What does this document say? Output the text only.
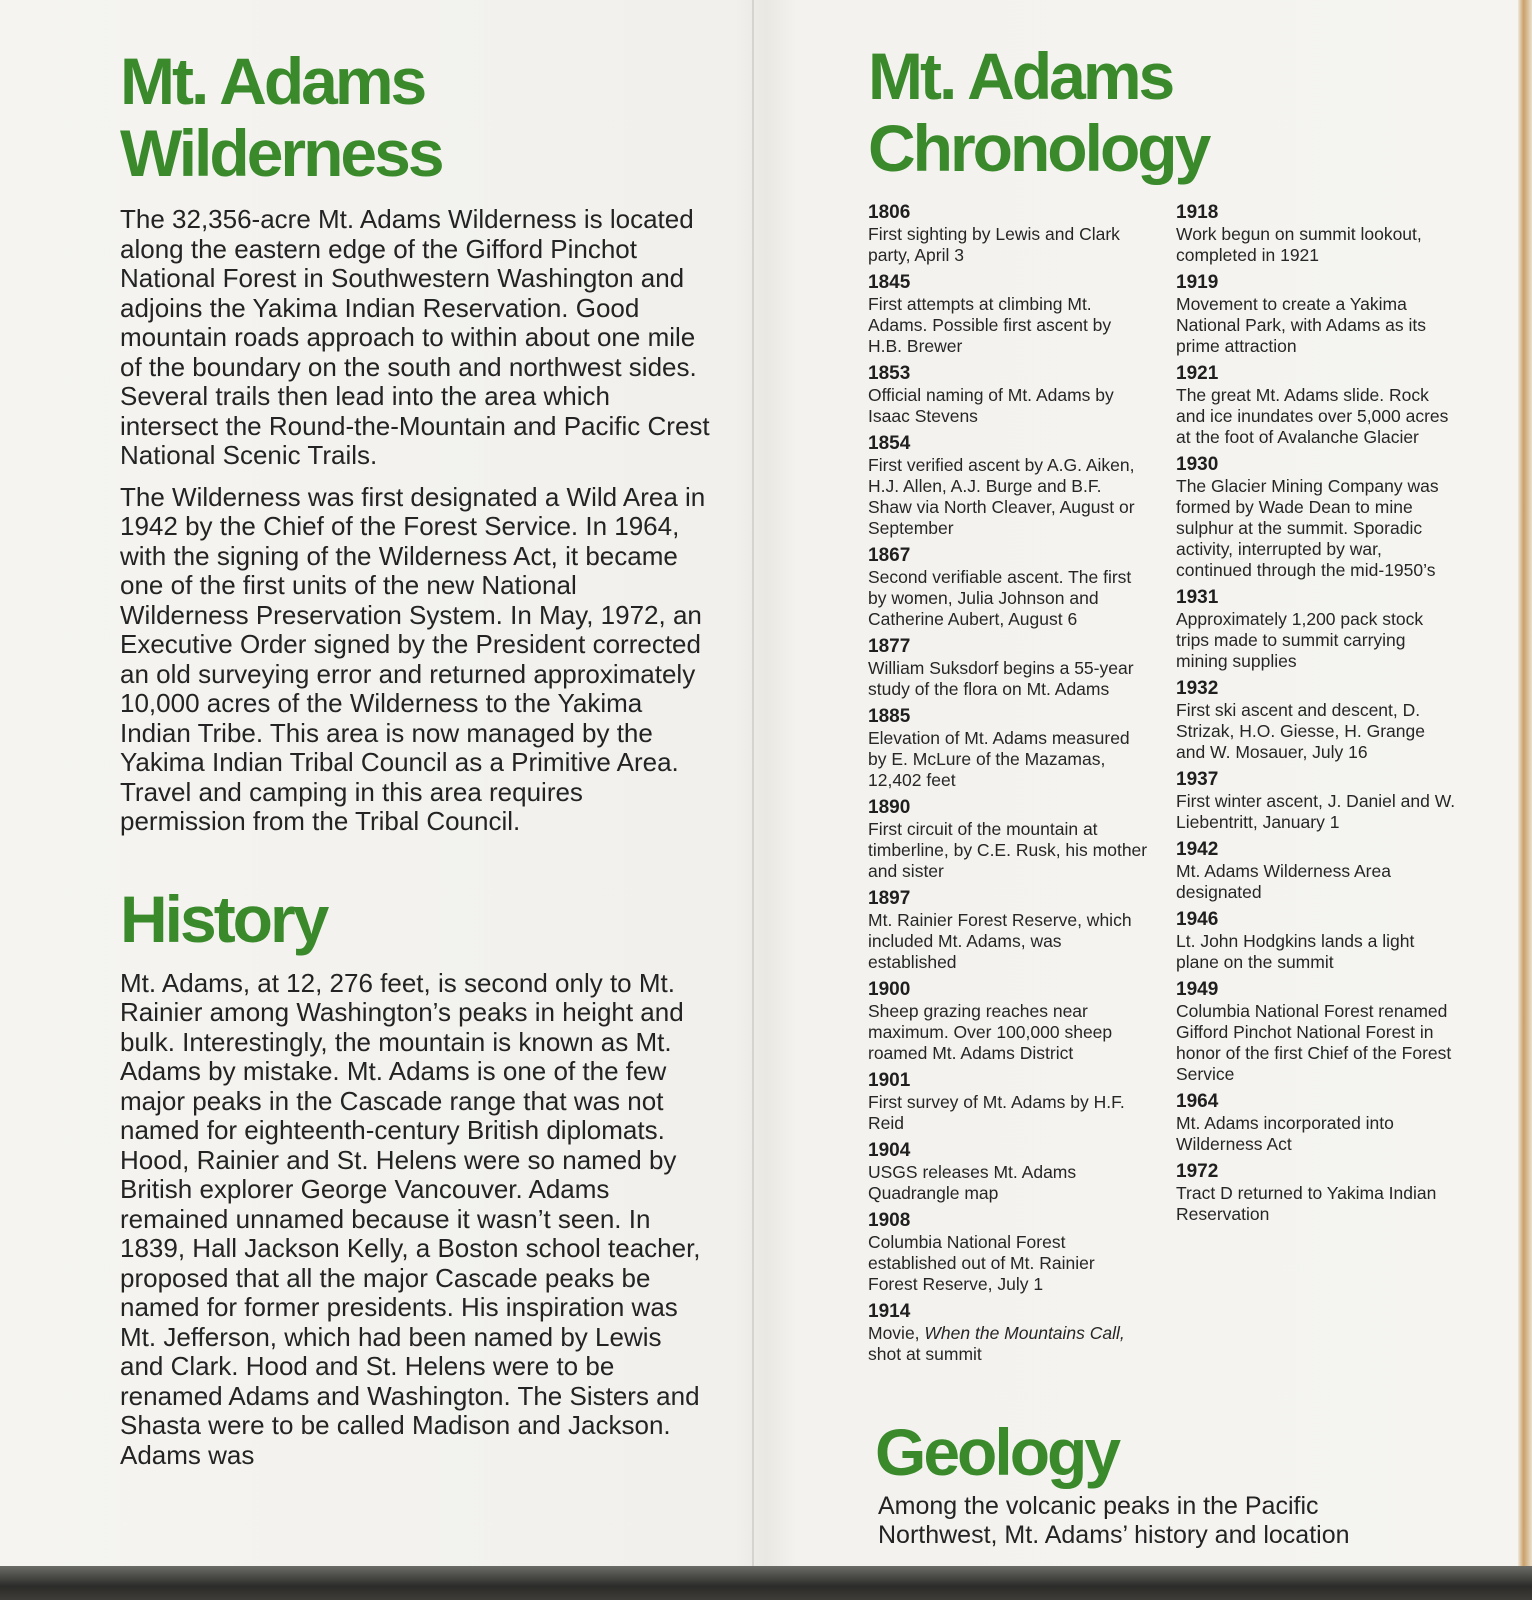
Mt. Adams
Wilderness

The 32,356-acre Mt. Adams Wilderness is located along the eastern edge of the Gifford Pinchot National Forest in Southwestern Washington and adjoins the Yakima Indian Reservation. Good mountain roads approach to within about one mile of the boundary on the south and northwest sides. Several trails then lead into the area which intersect the Round-the-Mountain and Pacific Crest National Scenic Trails.

The Wilderness was first designated a Wild Area in 1942 by the Chief of the Forest Service. In 1964, with the signing of the Wilderness Act, it became one of the first units of the new National Wilderness Preservation System. In May, 1972, an Executive Order signed by the President corrected an old surveying error and returned approximately 10,000 acres of the Wilderness to the Yakima Indian Tribe. This area is now managed by the Yakima Indian Tribal Council as a Primitive Area. Travel and camping in this area requires permission from the Tribal Council.

History

Mt. Adams, at 12, 276 feet, is second only to Mt. Rainier among Washington’s peaks in height and bulk. Interestingly, the mountain is known as Mt. Adams by mistake. Mt. Adams is one of the few major peaks in the Cascade range that was not named for eighteenth-century British diplomats. Hood, Rainier and St. Helens were so named by British explorer George Vancouver. Adams remained unnamed because it wasn’t seen. In 1839, Hall Jackson Kelly, a Boston school teacher, proposed that all the major Cascade peaks be named for former presidents. His inspiration was Mt. Jefferson, which had been named by Lewis and Clark. Hood and St. Helens were to be renamed Adams and Washington. The Sisters and Shasta were to be called Madison and Jackson. Adams was

Mt. Adams
Chronology
1806
First sighting by Lewis and Clark party, April 3
1845
First attempts at climbing Mt. Adams. Possible first ascent by H.B. Brewer
1853
Official naming of Mt. Adams by Isaac Stevens
1854
First verified ascent by A.G. Aiken, H.J. Allen, A.J. Burge and B.F. Shaw via North Cleaver, August or September
1867
Second verifiable ascent. The first by women, Julia Johnson and Catherine Aubert, August 6
1877
William Suksdorf begins a 55-year study of the flora on Mt. Adams
1885
Elevation of Mt. Adams measured by E. McLure of the Mazamas, 12,402 feet
1890
First circuit of the mountain at timberline, by C.E. Rusk, his mother and sister
1897
Mt. Rainier Forest Reserve, which included Mt. Adams, was established
1900
Sheep grazing reaches near maximum. Over 100,000 sheep roamed Mt. Adams District
1901
First survey of Mt. Adams by H.F. Reid
1904
USGS releases Mt. Adams Quadrangle map
1908
Columbia National Forest established out of Mt. Rainier Forest Reserve, July 1
1914
Movie, When the Mountains Call, shot at summit
1918
Work begun on summit lookout, completed in 1921
1919
Movement to create a Yakima National Park, with Adams as its prime attraction
1921
The great Mt. Adams slide. Rock and ice inundates over 5,000 acres at the foot of Avalanche Glacier
1930
The Glacier Mining Company was formed by Wade Dean to mine sulphur at the summit. Sporadic activity, interrupted by war, continued through the mid-1950’s
1931
Approximately 1,200 pack stock trips made to summit carrying mining supplies
1932
First ski ascent and descent, D. Strizak, H.O. Giesse, H. Grange and W. Mosauer, July 16
1937
First winter ascent, J. Daniel and W. Liebentritt, January 1
1942
Mt. Adams Wilderness Area designated
1946
Lt. John Hodgkins lands a light plane on the summit
1949
Columbia National Forest renamed Gifford Pinchot National Forest in honor of the first Chief of the Forest Service
1964
Mt. Adams incorporated into Wilderness Act
1972
Tract D returned to Yakima Indian Reservation
Geology

Among the volcanic peaks in the Pacific Northwest, Mt. Adams’ history and location
